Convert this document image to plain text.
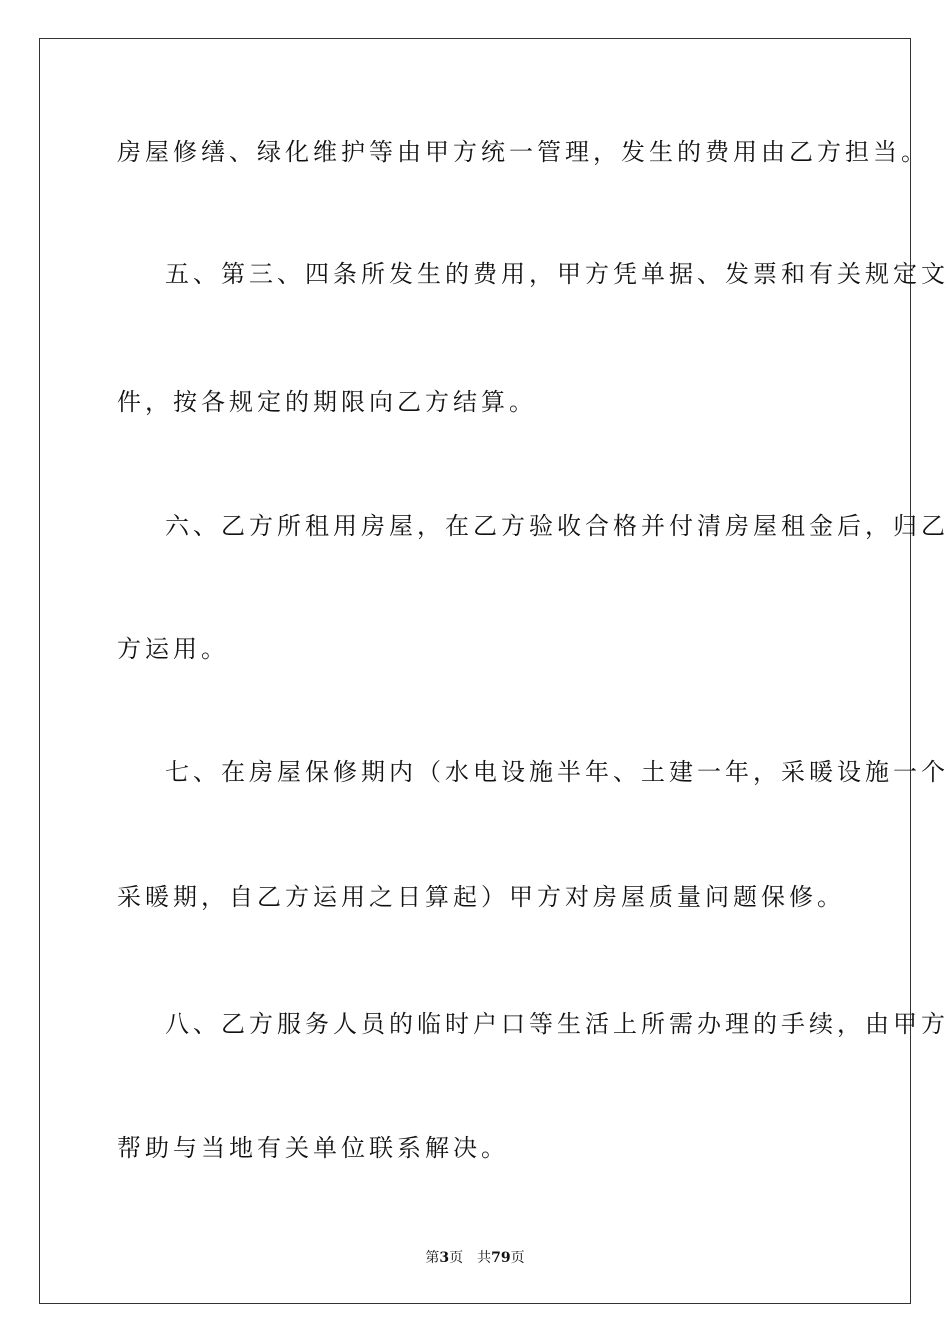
房屋修缮、绿化维护等由甲方统一管理，发生的费用由乙方担当。
五、第三、四条所发生的费用，甲方凭单据、发票和有关规定文
件，按各规定的期限向乙方结算。
六、乙方所租用房屋，在乙方验收合格并付清房屋租金后，归乙
方运用。
七、在房屋保修期内（水电设施半年、土建一年，采暖设施一个
采暖期，自乙方运用之日算起）甲方对房屋质量问题保修。
八、乙方服务人员的临时户口等生活上所需办理的手续，由甲方
帮助与当地有关单位联系解决。
第3页 共79页
